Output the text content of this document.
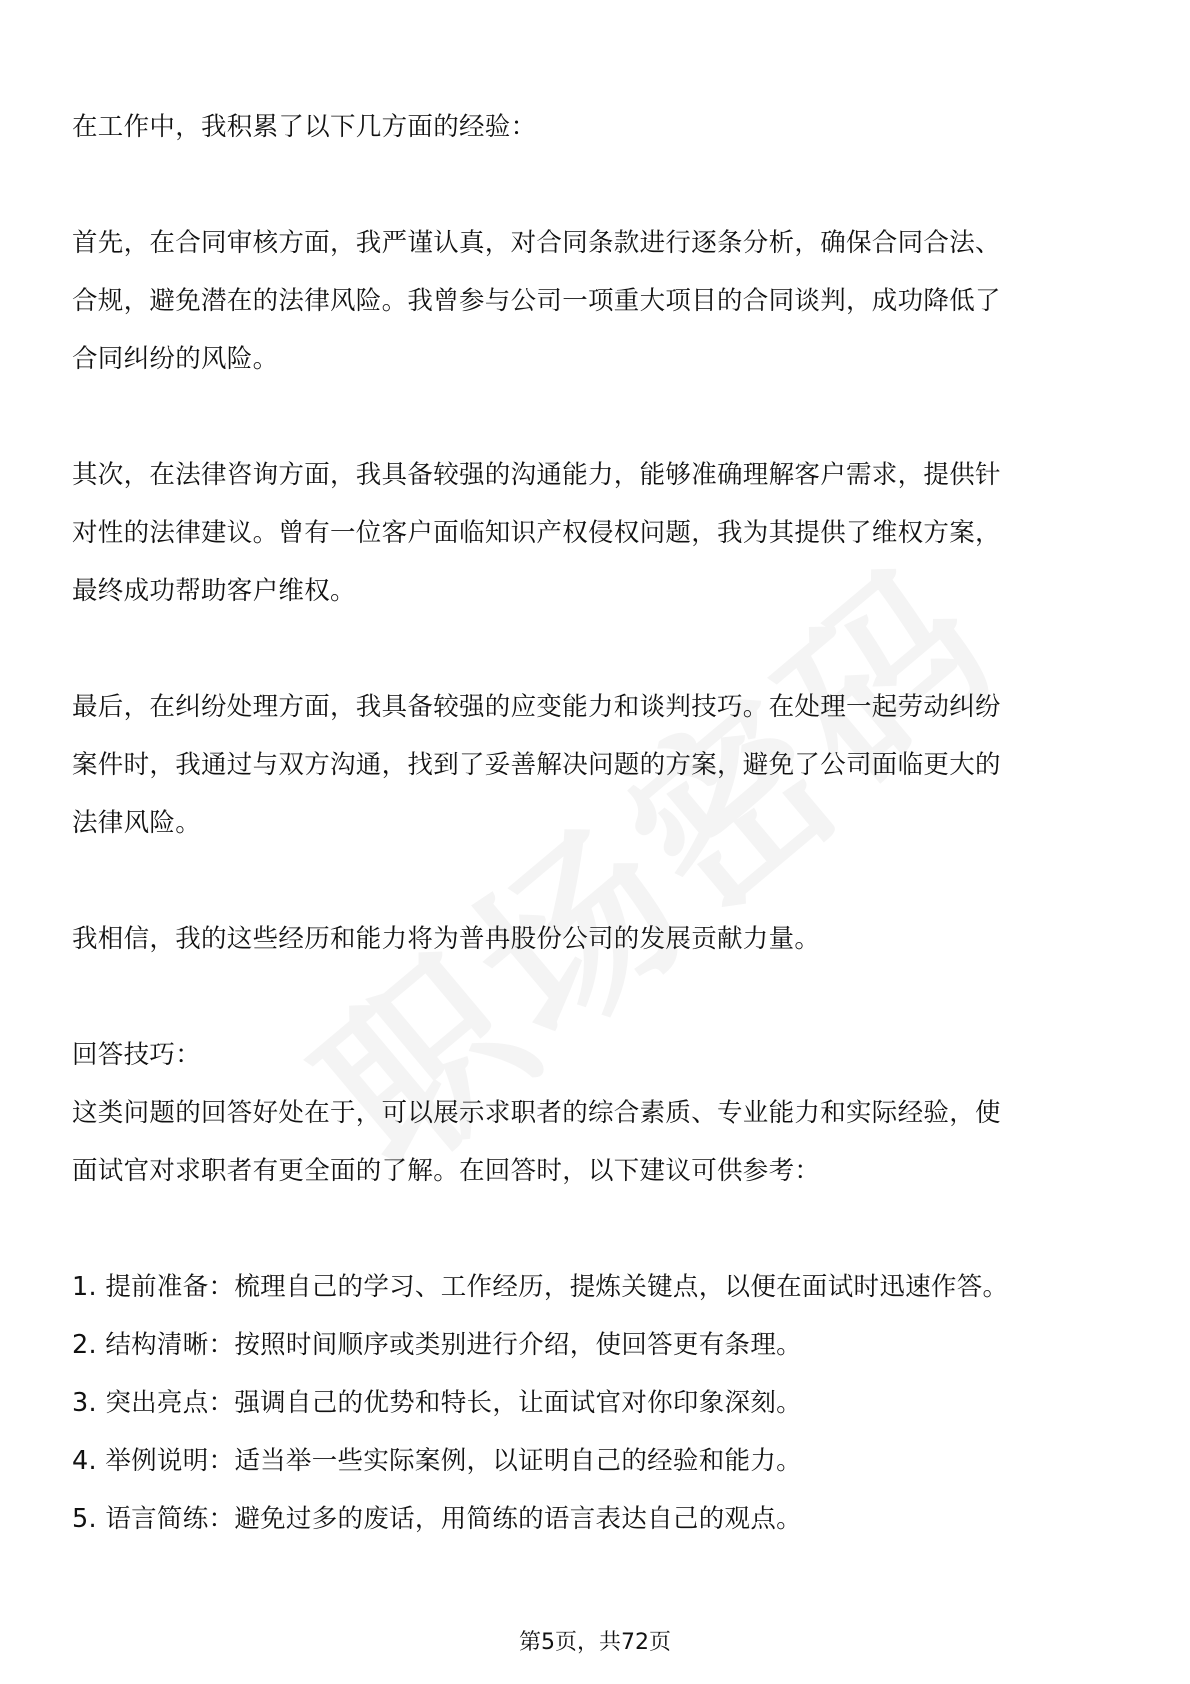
在工作中，我积累了以下几方面的经验：

首先，在合同审核方面，我严谨认真，对合同条款进行逐条分析，确保合同合法、

合规，避免潜在的法律风险。我曾参与公司一项重大项目的合同谈判，成功降低了

合同纠纷的风险。

其次，在法律咨询方面，我具备较强的沟通能力，能够准确理解客户需求，提供针

对性的法律建议。曾有一位客户面临知识产权侵权问题，我为其提供了维权方案，

最终成功帮助客户维权。

最后，在纠纷处理方面，我具备较强的应变能力和谈判技巧。在处理一起劳动纠纷

案件时，我通过与双方沟通，找到了妥善解决问题的方案，避免了公司面临更大的

法律风险。

我相信，我的这些经历和能力将为普冉股份公司的发展贡献力量。

回答技巧：

这类问题的回答好处在于，可以展示求职者的综合素质、专业能力和实际经验，使

面试官对求职者有更全面的了解。在回答时，以下建议可供参考：

1. 提前准备：梳理自己的学习、工作经历，提炼关键点，以便在面试时迅速作答。

2. 结构清晰：按照时间顺序或类别进行介绍，使回答更有条理。

3. 突出亮点：强调自己的优势和特长，让面试官对你印象深刻。

4. 举例说明：适当举一些实际案例，以证明自己的经验和能力。

5. 语言简练：避免过多的废话，用简练的语言表达自己的观点。

第5页，共72页
